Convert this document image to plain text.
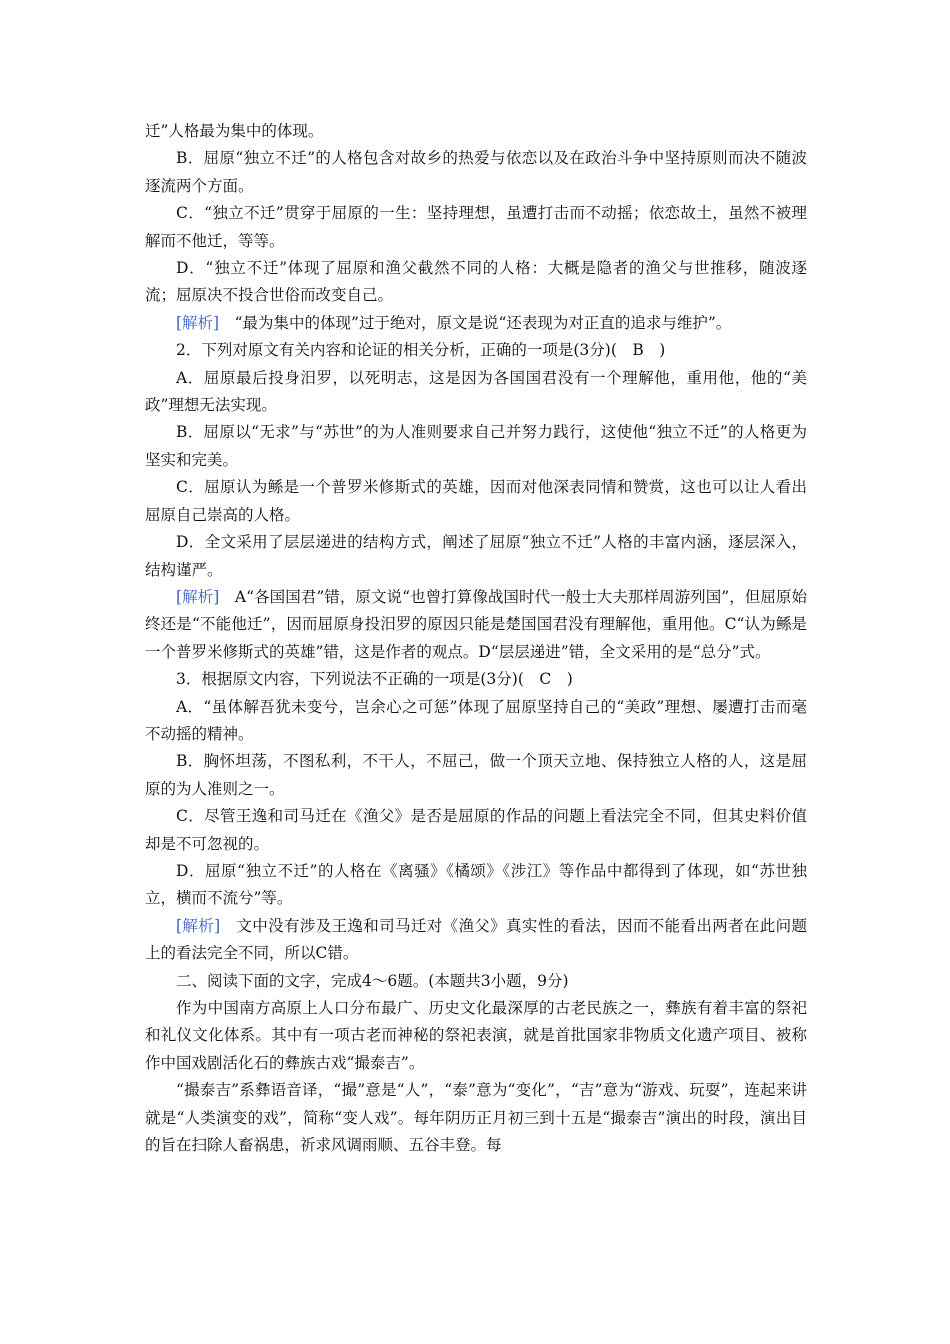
迁”人格最为集中的体现。

B．屈原“独立不迁”的人格包含对故乡的热爱与依恋以及在政治斗争中坚持原则而决不随波逐流两个方面。

C．“独立不迁”贯穿于屈原的一生：坚持理想，虽遭打击而不动摇；依恋故土，虽然不被理解而不他迁，等等。

D．“独立不迁”体现了屈原和渔父截然不同的人格：大概是隐者的渔父与世推移，随波逐流；屈原决不投合世俗而改变自己。

[解析]　“最为集中的体现”过于绝对，原文是说“还表现为对正直的追求与维护”。

2．下列对原文有关内容和论证的相关分析，正确的一项是(3分)(　B　)

A．屈原最后投身汨罗，以死明志，这是因为各国国君没有一个理解他，重用他，他的“美政”理想无法实现。

B．屈原以“无求”与“苏世”的为人准则要求自己并努力践行，这使他“独立不迁”的人格更为坚实和完美。

C．屈原认为鲧是一个普罗米修斯式的英雄，因而对他深表同情和赞赏，这也可以让人看出屈原自己崇高的人格。

D．全文采用了层层递进的结构方式，阐述了屈原“独立不迁”人格的丰富内涵，逐层深入，结构谨严。

[解析]　A“各国国君”错，原文说“也曾打算像战国时代一般士大夫那样周游列国”，但屈原始终还是“不能他迁”，因而屈原身投汨罗的原因只能是楚国国君没有理解他，重用他。C“认为鲧是一个普罗米修斯式的英雄”错，这是作者的观点。D“层层递进”错，全文采用的是“总分”式。

3．根据原文内容，下列说法不正确的一项是(3分)(　C　)

A．“虽体解吾犹未变兮，岂余心之可惩”体现了屈原坚持自己的“美政”理想、屡遭打击而毫不动摇的精神。

B．胸怀坦荡，不图私利，不干人，不屈己，做一个顶天立地、保持独立人格的人，这是屈原的为人准则之一。

C．尽管王逸和司马迁在《渔父》是否是屈原的作品的问题上看法完全不同，但其史料价值却是不可忽视的。

D．屈原“独立不迁”的人格在《离骚》《橘颂》《涉江》等作品中都得到了体现，如“苏世独立，横而不流兮”等。

[解析]　文中没有涉及王逸和司马迁对《渔父》真实性的看法，因而不能看出两者在此问题上的看法完全不同，所以C错。

二、阅读下面的文字，完成4～6题。(本题共3小题，9分)

作为中国南方高原上人口分布最广、历史文化最深厚的古老民族之一，彝族有着丰富的祭祀和礼仪文化体系。其中有一项古老而神秘的祭祀表演，就是首批国家非物质文化遗产项目、被称作中国戏剧活化石的彝族古戏“撮泰吉”。

“撮泰吉”系彝语音译，“撮”意是“人”，“泰”意为“变化”，“吉”意为“游戏、玩耍”，连起来讲就是“人类演变的戏”，简称“变人戏”。每年阴历正月初三到十五是“撮泰吉”演出的时段，演出目的旨在扫除人畜祸患，祈求风调雨顺、五谷丰登。每
